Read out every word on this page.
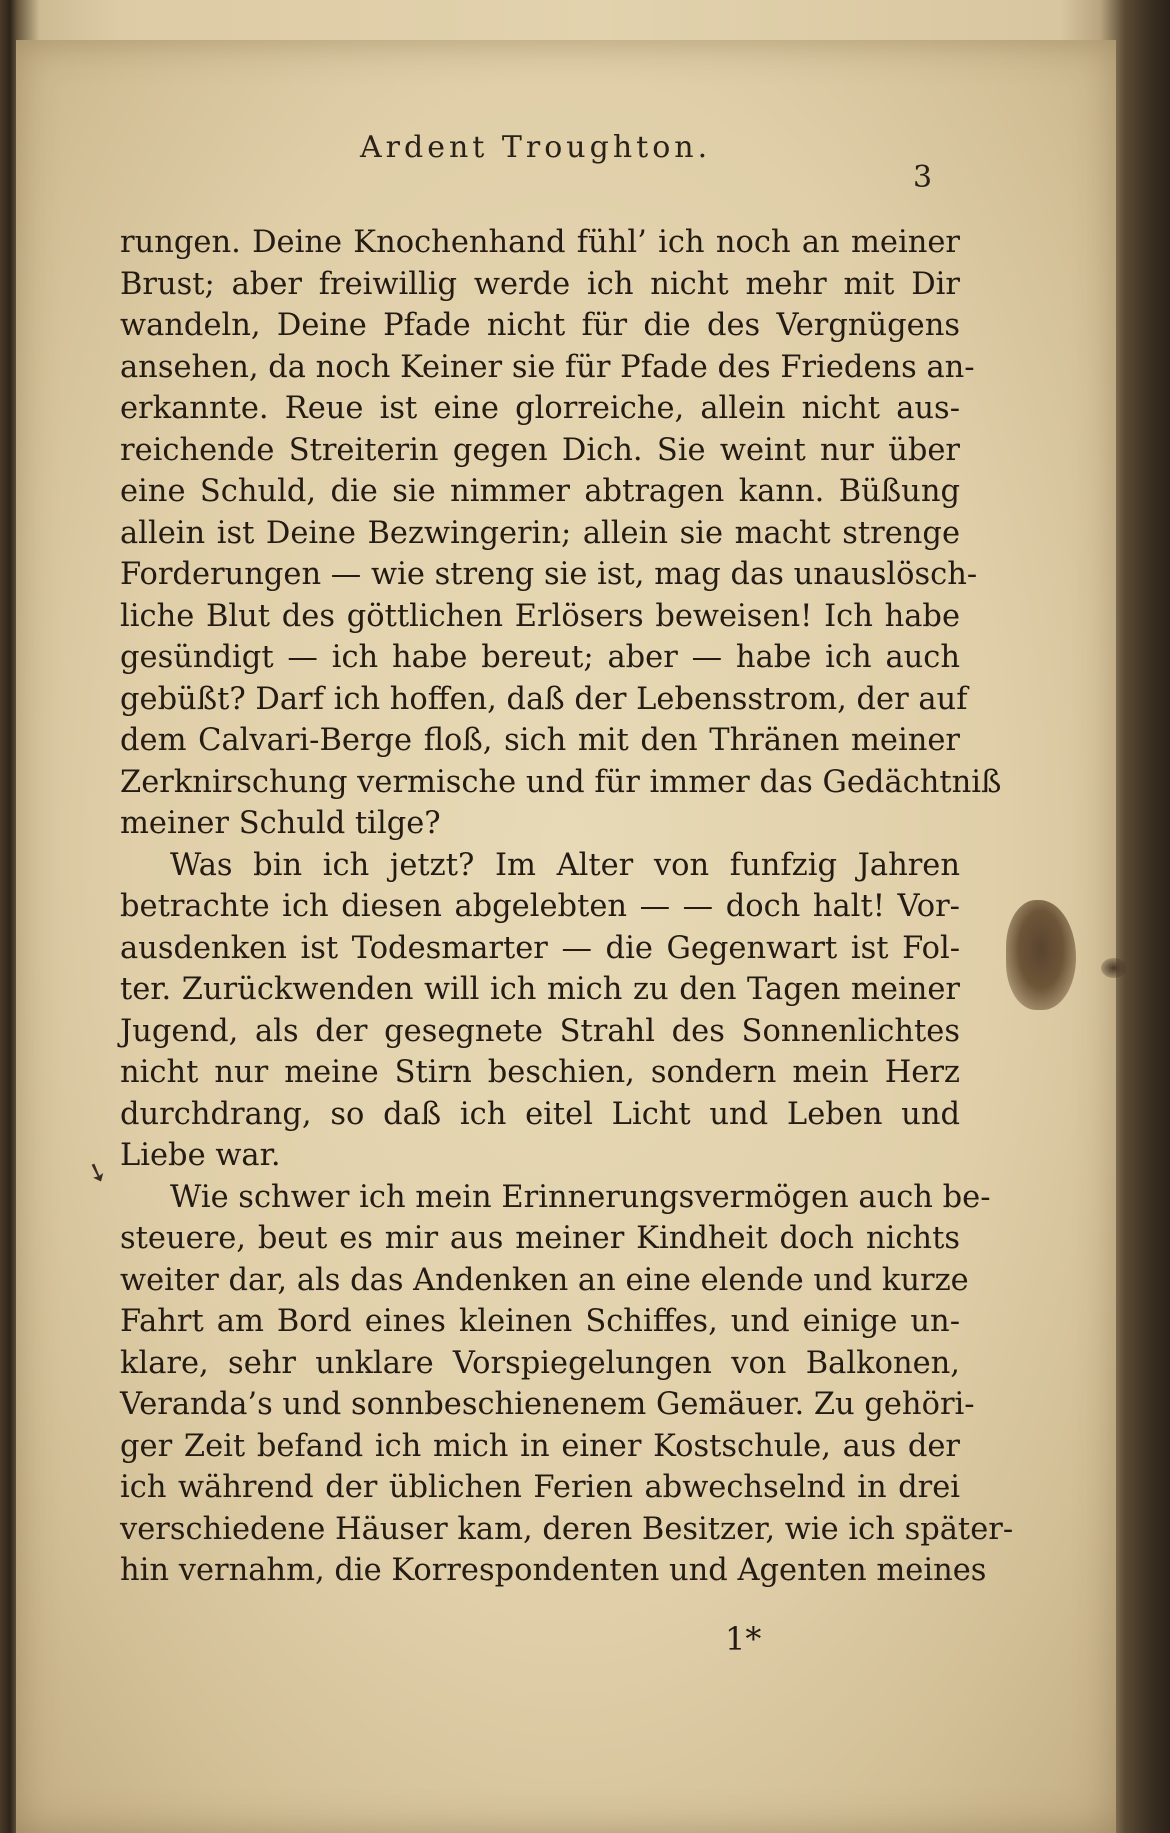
➘
Ardent Troughton.
3
rungen. Deine Knochenhand fühl’ ich noch an meiner
Brust; aber freiwillig werde ich nicht mehr mit Dir
wandeln, Deine Pfade nicht für die des Vergnügens
ansehen, da noch Keiner sie für Pfade des Friedens an-
erkannte. Reue ist eine glorreiche, allein nicht aus-
reichende Streiterin gegen Dich. Sie weint nur über
eine Schuld, die sie nimmer abtragen kann. Büßung
allein ist Deine Bezwingerin; allein sie macht strenge
Forderungen — wie streng sie ist, mag das unauslösch-
liche Blut des göttlichen Erlösers beweisen! Ich habe
gesündigt — ich habe bereut; aber — habe ich auch
gebüßt? Darf ich hoffen, daß der Lebensstrom, der auf
dem Calvari-Berge floß, sich mit den Thränen meiner
Zerknirschung vermische und für immer das Gedächtniß
meiner Schuld tilge?
Was bin ich jetzt? Im Alter von funfzig Jahren
betrachte ich diesen abgelebten — — doch halt! Vor-
ausdenken ist Todesmarter — die Gegenwart ist Fol-
ter. Zurückwenden will ich mich zu den Tagen meiner
Jugend, als der gesegnete Strahl des Sonnenlichtes
nicht nur meine Stirn beschien, sondern mein Herz
durchdrang, so daß ich eitel Licht und Leben und
Liebe war.
Wie schwer ich mein Erinnerungsvermögen auch be-
steuere, beut es mir aus meiner Kindheit doch nichts
weiter dar, als das Andenken an eine elende und kurze
Fahrt am Bord eines kleinen Schiffes, und einige un-
klare, sehr unklare Vorspiegelungen von Balkonen,
Veranda’s und sonnbeschienenem Gemäuer. Zu gehöri-
ger Zeit befand ich mich in einer Kostschule, aus der
ich während der üblichen Ferien abwechselnd in drei
verschiedene Häuser kam, deren Besitzer, wie ich später-
hin vernahm, die Korrespondenten und Agenten meines
1*
